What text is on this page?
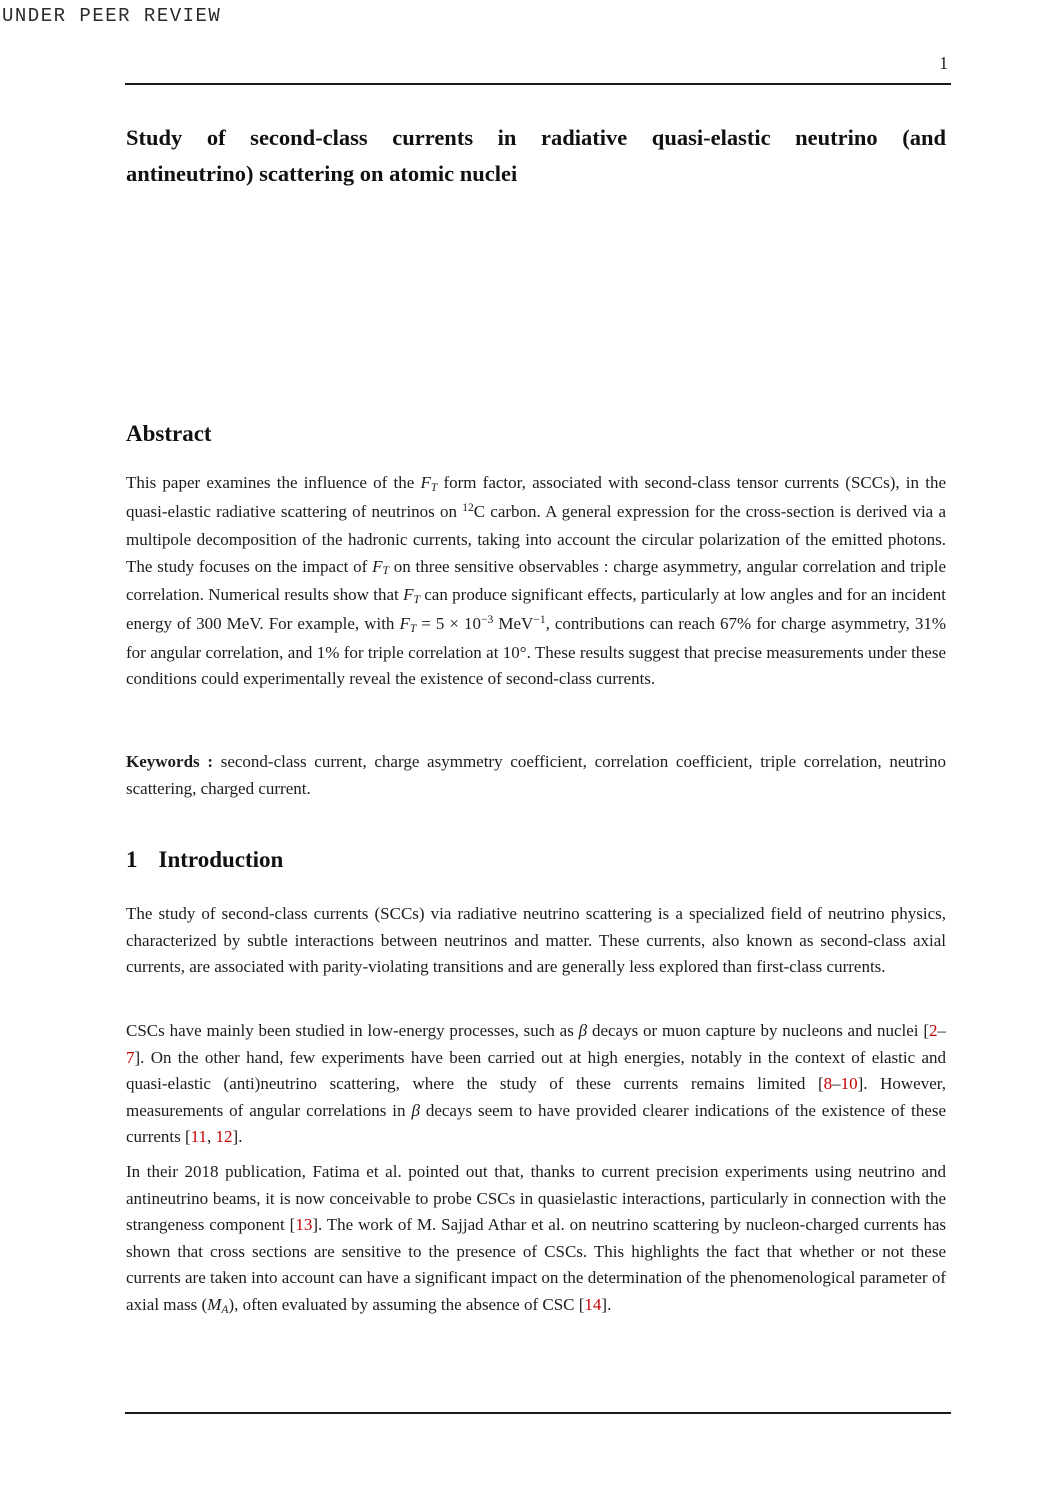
UNDER PEER REVIEW
1
Study of second-class currents in radiative quasi-elastic neutrino (and
antineutrino) scattering on atomic nuclei
Abstract
This paper examines the influence of the FT form factor, associated with second-class tensor currents (SCCs), in the quasi-elastic radiative scattering of neutrinos on $^{12}$C carbon. A general expression for the cross-section is derived via a multipole decomposition of the hadronic currents, taking into account the circular polarization of the emitted photons. The study focuses on the impact of FT on three sensitive observables : charge asymmetry, angular correlation and triple correlation. Numerical results show that FT can produce significant effects, particularly at low angles and for an incident energy of 300 MeV. For example, with FT = $5 \times 10^{-3}$ MeV$^{-1}$, contributions can reach 67% for charge asymmetry, 31% for angular correlation, and 1% for triple correlation at 10°. These results suggest that precise measurements under these conditions could experimentally reveal the existence of second-class currents.
Keywords : second-class current, charge asymmetry coefficient, correlation coefficient, triple correlation, neutrino scattering, charged current.
1 Introduction
The study of second-class currents (SCCs) via radiative neutrino scattering is a specialized field of neutrino physics, characterized by subtle interactions between neutrinos and matter. These currents, also known as second-class axial currents, are associated with parity-violating transitions and are generally less explored than first-class currents.
CSCs have mainly been studied in low-energy processes, such as β decays or muon capture by nucleons and nuclei [2–7]. On the other hand, few experiments have been carried out at high energies, notably in the context of elastic and quasi-elastic (anti)neutrino scattering, where the study of these currents remains limited [8–10]. However, measurements of angular correlations in β decays seem to have provided clearer indications of the existence of these currents [11, 12].
In their 2018 publication, Fatima et al. pointed out that, thanks to current precision experiments using neutrino and antineutrino beams, it is now conceivable to probe CSCs in quasielastic interactions, particularly in connection with the strangeness component [13]. The work of M. Sajjad Athar et al. on neutrino scattering by nucleon-charged currents has shown that cross sections are sensitive to the presence of CSCs. This highlights the fact that whether or not these currents are taken into account can have a significant impact on the determination of the phenomenological parameter of axial mass (MA), often evaluated by assuming the absence of CSC [14].
